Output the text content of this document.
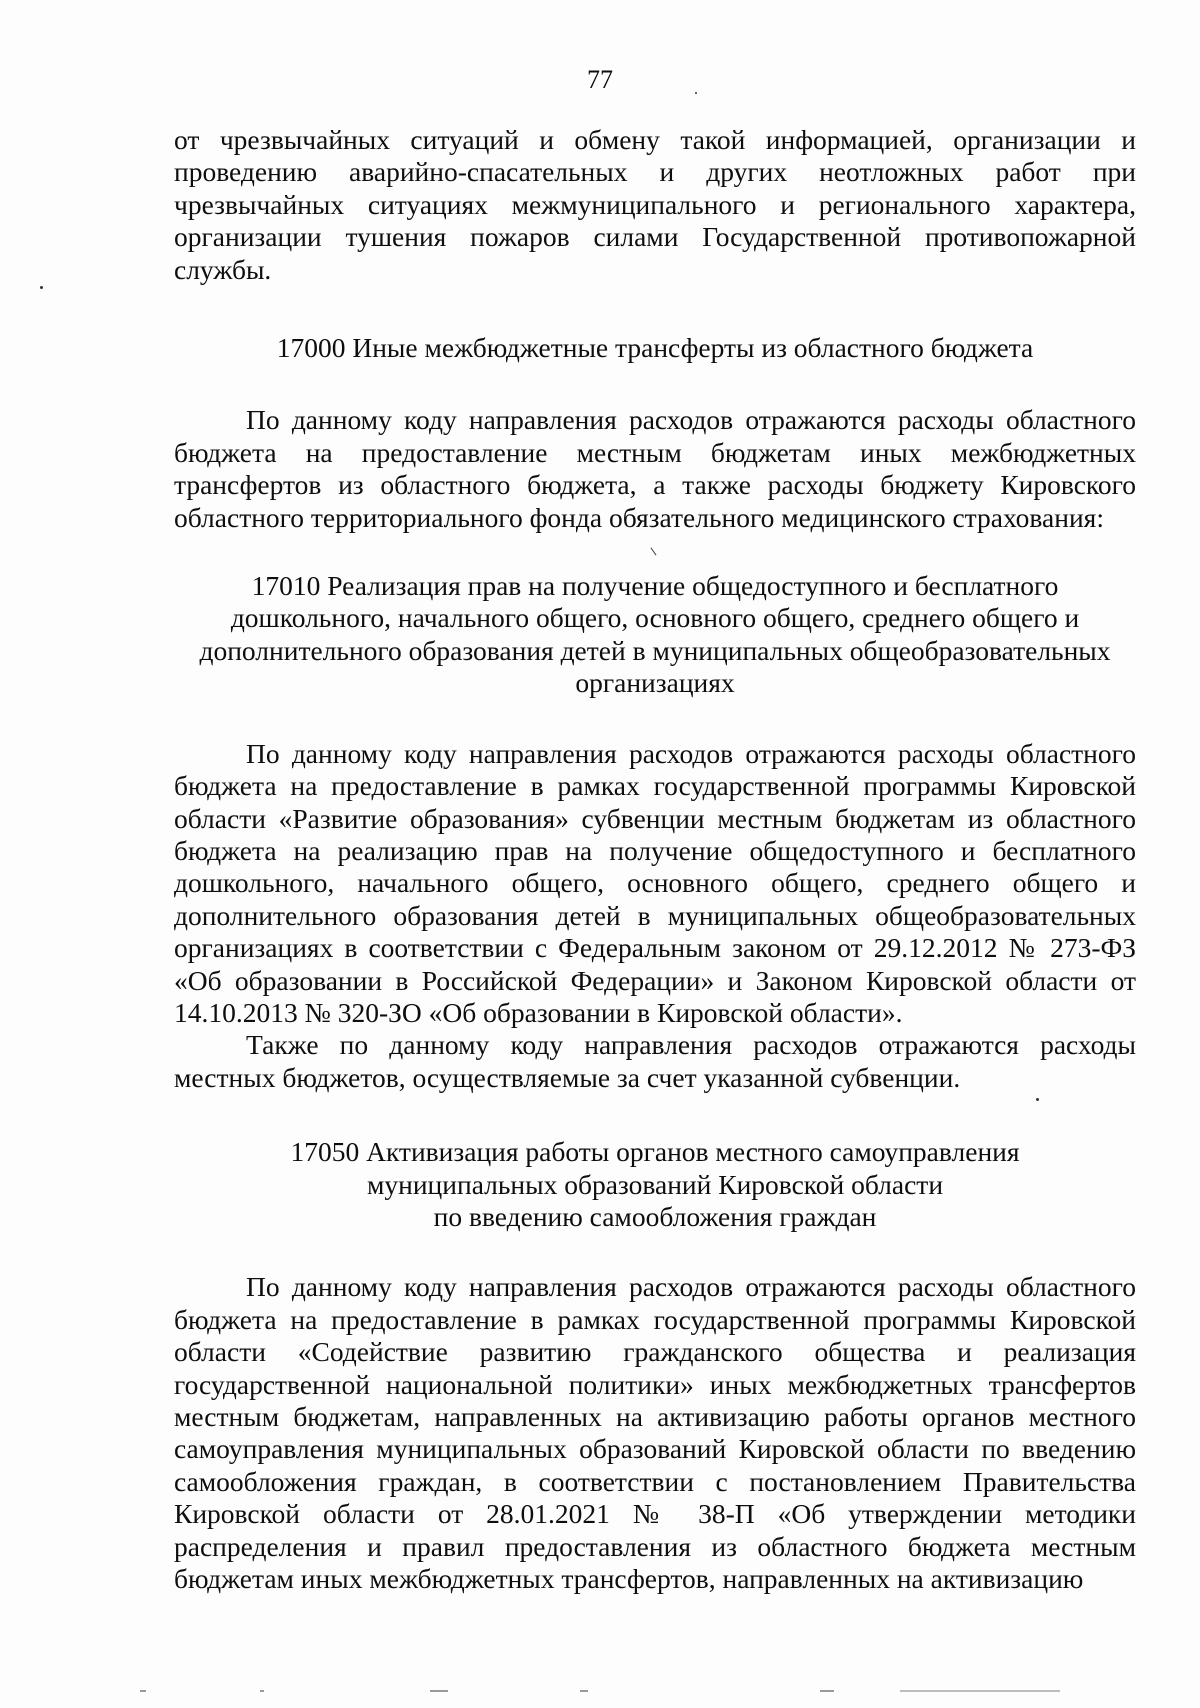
77

от чрезвычайных ситуаций и обмену такой информацией, организации и проведению аварийно-спасательных и других неотложных работ при чрезвычайных ситуациях межмуниципального и регионального характера, организации тушения пожаров силами Государственной противопожарной службы.

17000 Иные межбюджетные трансферты из областного бюджета

По данному коду направления расходов отражаются расходы областного бюджета на предоставление местным бюджетам иных межбюджетных трансфертов из областного бюджета, а также расходы бюджету Кировского областного территориального фонда обязательного медицинского страхования:

17010 Реализация прав на получение общедоступного и бесплатного
дошкольного, начального общего, основного общего, среднего общего и
дополнительного образования детей в муниципальных общеобразовательных
организациях

По данному коду направления расходов отражаются расходы областного бюджета на предоставление в рамках государственной программы Кировской области «Развитие образования» субвенции местным бюджетам из областного бюджета на реализацию прав на получение общедоступного и бесплатного дошкольного, начального общего, основного общего, среднего общего и дополнительного образования детей в муниципальных общеобразовательных организациях в соответствии с Федеральным законом от 29.12.2012 № 273-ФЗ «Об образовании в Российской Федерации» и Законом Кировской области от 14.10.2013 № 320-ЗО «Об образовании в Кировской области».

Также по данному коду направления расходов отражаются расходы местных бюджетов, осуществляемые за счет указанной субвенции.

17050 Активизация работы органов местного самоуправления
муниципальных образований Кировской области
по введению самообложения граждан

По данному коду направления расходов отражаются расходы областного бюджета на предоставление в рамках государственной программы Кировской области «Содействие развитию гражданского общества и реализация государственной национальной политики» иных межбюджетных трансфертов местным бюджетам, направленных на активизацию работы органов местного самоуправления муниципальных образований Кировской области по введению самообложения граждан, в соответствии с постановлением Правительства Кировской области от 28.01.2021 № 38-П «Об утверждении методики распределения и правил предоставления из областного бюджета местным бюджетам иных межбюджетных трансфертов, направленных на активизацию
